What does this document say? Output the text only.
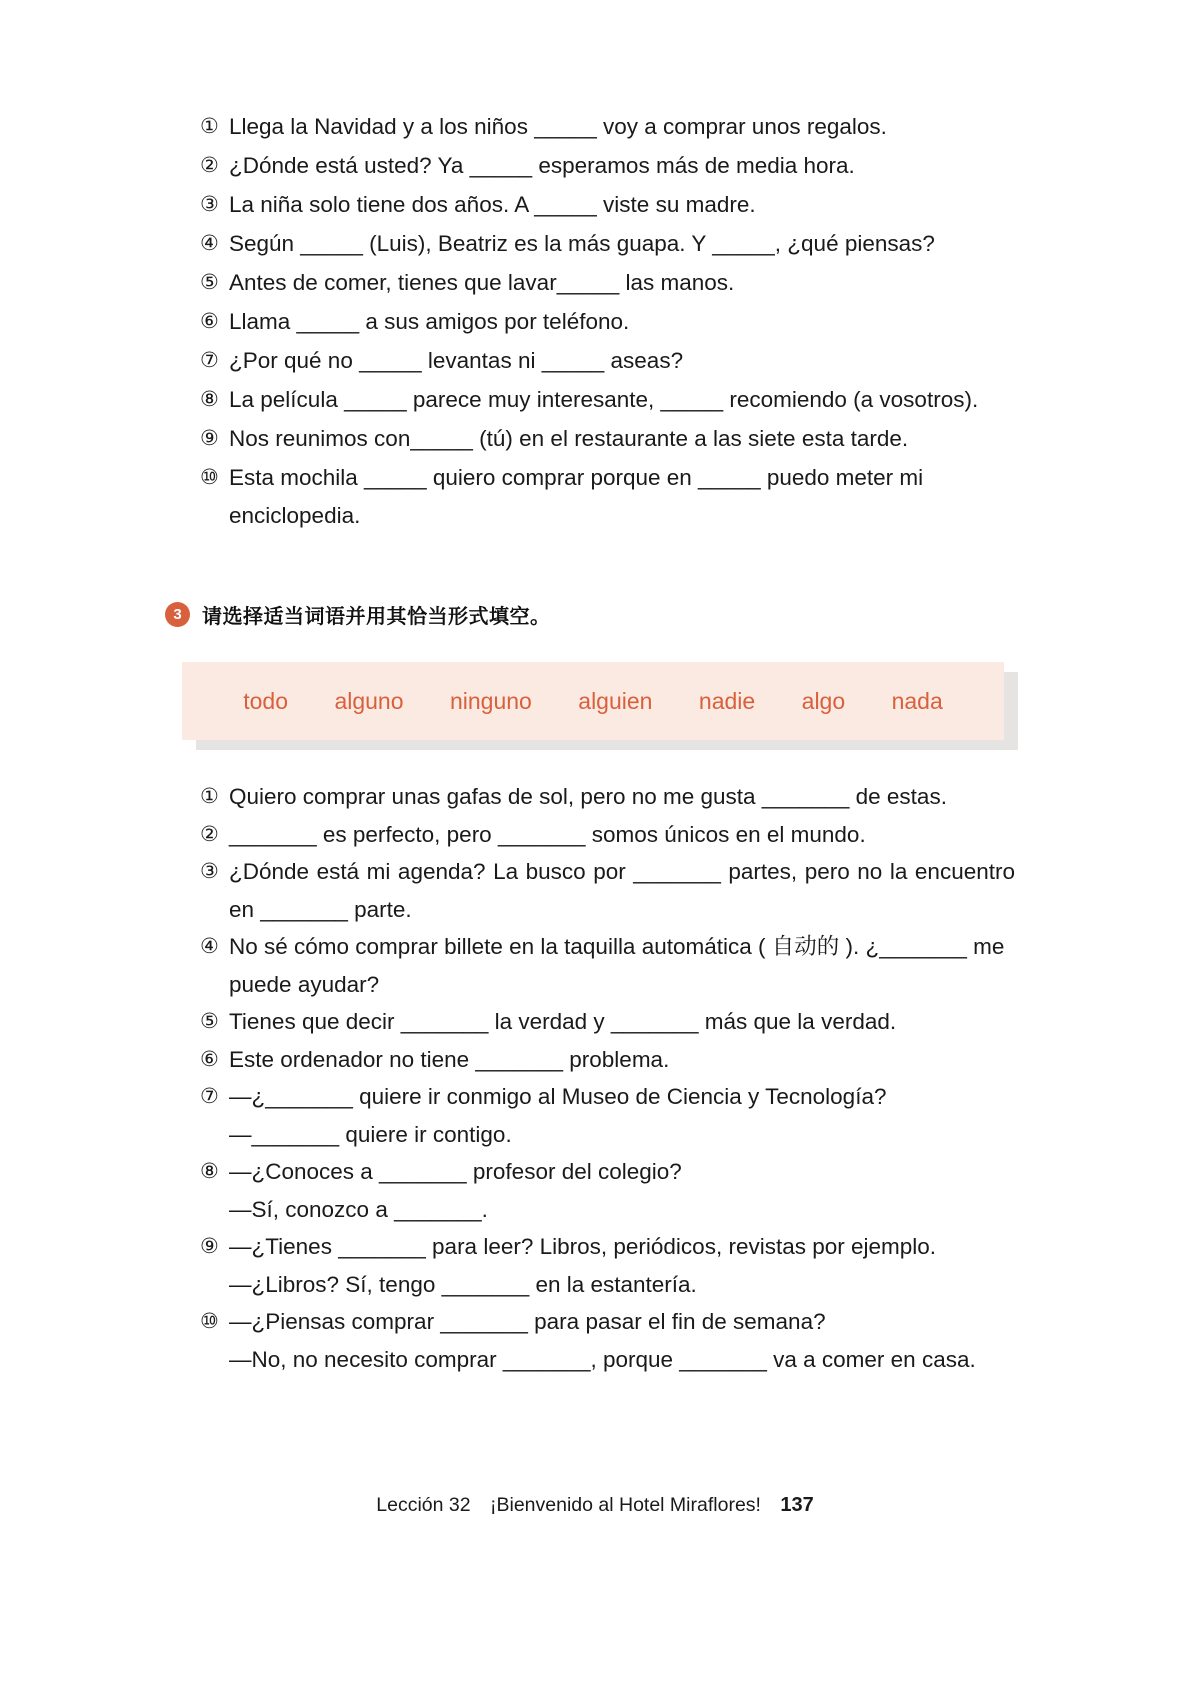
① Llega la Navidad y a los niños _____ voy a comprar unos regalos.
② ¿Dónde está usted? Ya _____ esperamos más de media hora.
③ La niña solo tiene dos años. A _____ viste su madre.
④ Según _____ (Luis), Beatriz es la más guapa. Y _____, ¿qué piensas?
⑤ Antes de comer, tienes que lavar_____ las manos.
⑥ Llama _____ a sus amigos por teléfono.
⑦ ¿Por qué no _____ levantas ni _____ aseas?
⑧ La película _____ parece muy interesante, _____ recomiendo (a vosotros).
⑨ Nos reunimos con_____ (tú) en el restaurante a las siete esta tarde.
⑩ Esta mochila _____ quiero comprar porque en _____ puedo meter mi enciclopedia.
3	请选择适当词语并用其恰当形式填空。
todo alguno ninguno alguien nadie algo nada
① Quiero comprar unas gafas de sol, pero no me gusta _______ de estas.
② _______ es perfecto, pero _______ somos únicos en el mundo.
③ ¿Dónde está mi agenda? La busco por _______ partes, pero no la encuentro en _______ parte.
④ No sé cómo comprar billete en la taquilla automática ( 自动的 ). ¿_______ me puede ayudar?
⑤ Tienes que decir _______ la verdad y _______ más que la verdad.
⑥ Este ordenador no tiene _______ problema.
⑦ —¿_______ quiere ir conmigo al Museo de Ciencia y Tecnología?
—_______ quiere ir contigo.
⑧ —¿Conoces a _______ profesor del colegio?
—Sí, conozco a _______.
⑨ —¿Tienes _______ para leer? Libros, periódicos, revistas por ejemplo.
—¿Libros? Sí, tengo _______ en la estantería.
⑩ —¿Piensas comprar _______ para pasar el fin de semana?
—No, no necesito comprar _______, porque _______ va a comer en casa.
Lección 32 ¡Bienvenido al Hotel Miraflores! 137
